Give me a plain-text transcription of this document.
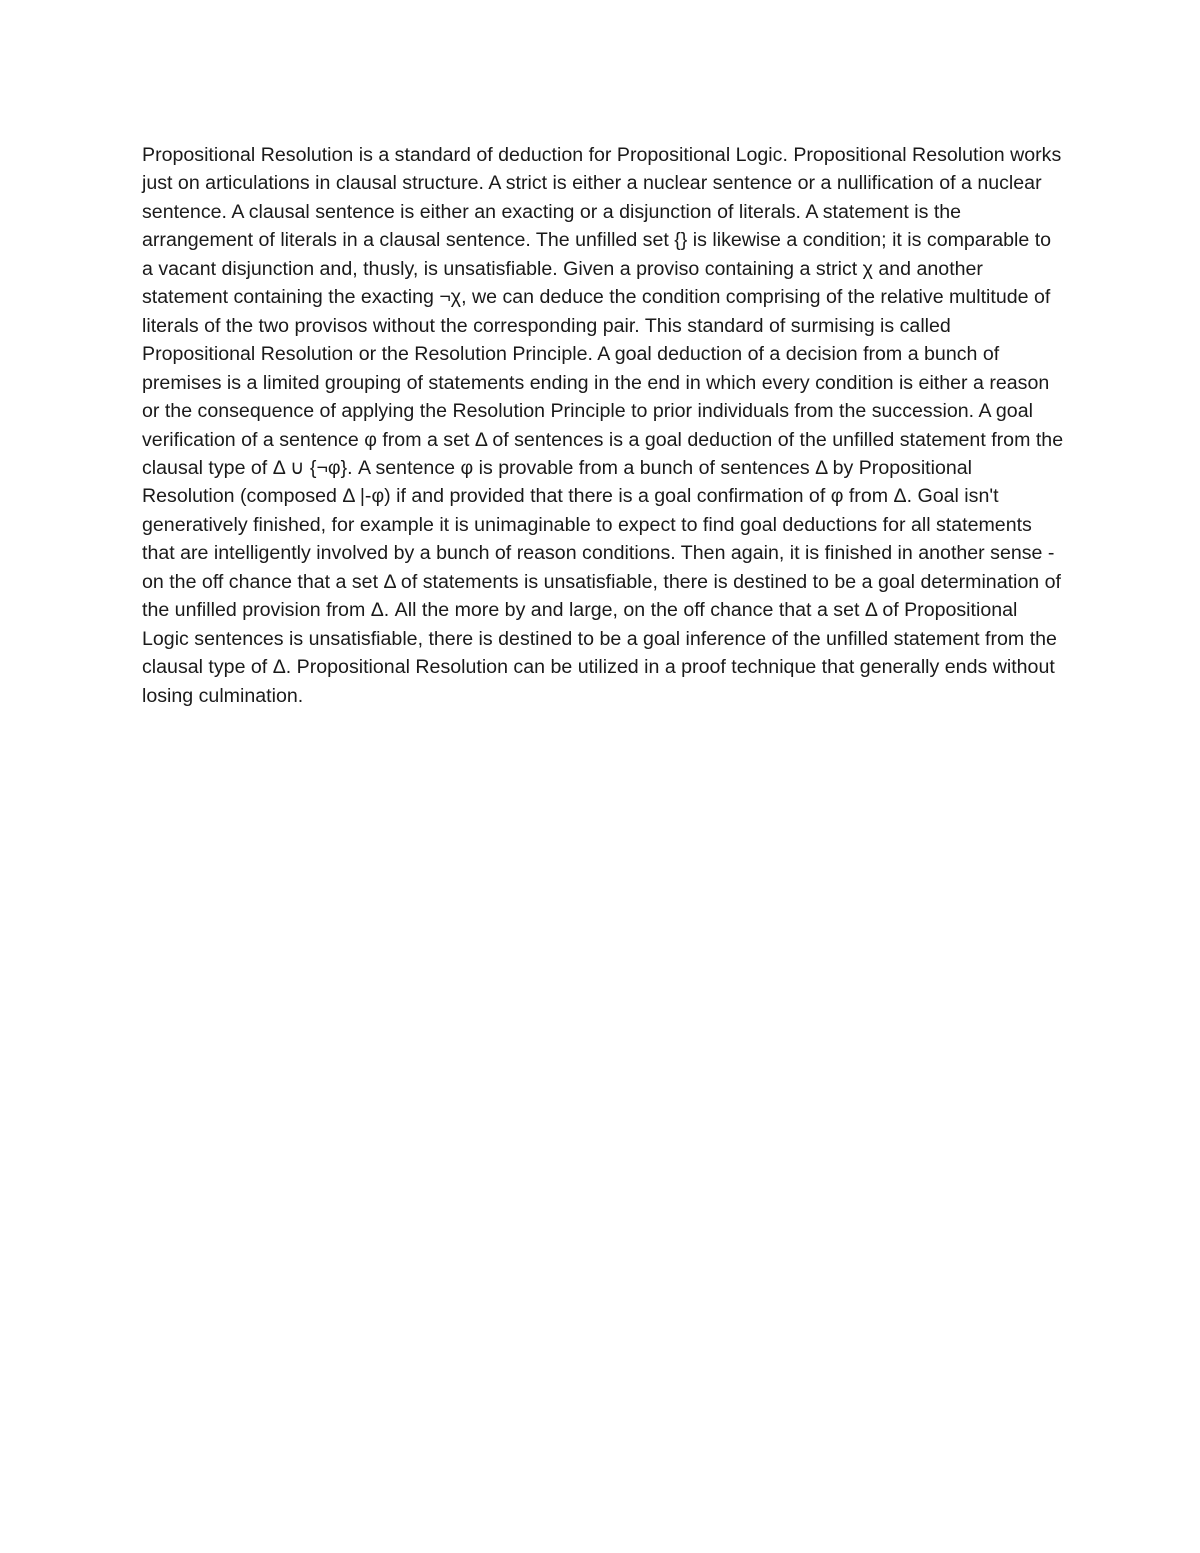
Propositional Resolution is a standard of deduction for Propositional Logic. Propositional Resolution works just on articulations in clausal structure. A strict is either a nuclear sentence or a nullification of a nuclear sentence. A clausal sentence is either an exacting or a disjunction of literals. A statement is the arrangement of literals in a clausal sentence. The unfilled set {} is likewise a condition; it is comparable to a vacant disjunction and, thusly, is unsatisfiable. Given a proviso containing a strict χ and another statement containing the exacting ¬χ, we can deduce the condition comprising of the relative multitude of literals of the two provisos without the corresponding pair. This standard of surmising is called Propositional Resolution or the Resolution Principle. A goal deduction of a decision from a bunch of premises is a limited grouping of statements ending in the end in which every condition is either a reason or the consequence of applying the Resolution Principle to prior individuals from the succession. A goal verification of a sentence φ from a set Δ of sentences is a goal deduction of the unfilled statement from the clausal type of Δ ∪ {¬φ}. A sentence φ is provable from a bunch of sentences Δ by Propositional Resolution (composed Δ |-φ) if and provided that there is a goal confirmation of φ from Δ. Goal isn't generatively finished, for example it is unimaginable to expect to find goal deductions for all statements that are intelligently involved by a bunch of reason conditions. Then again, it is finished in another sense - on the off chance that a set Δ of statements is unsatisfiable, there is destined to be a goal determination of the unfilled provision from Δ. All the more by and large, on the off chance that a set Δ of Propositional Logic sentences is unsatisfiable, there is destined to be a goal inference of the unfilled statement from the clausal type of Δ. Propositional Resolution can be utilized in a proof technique that generally ends without losing culmination.
